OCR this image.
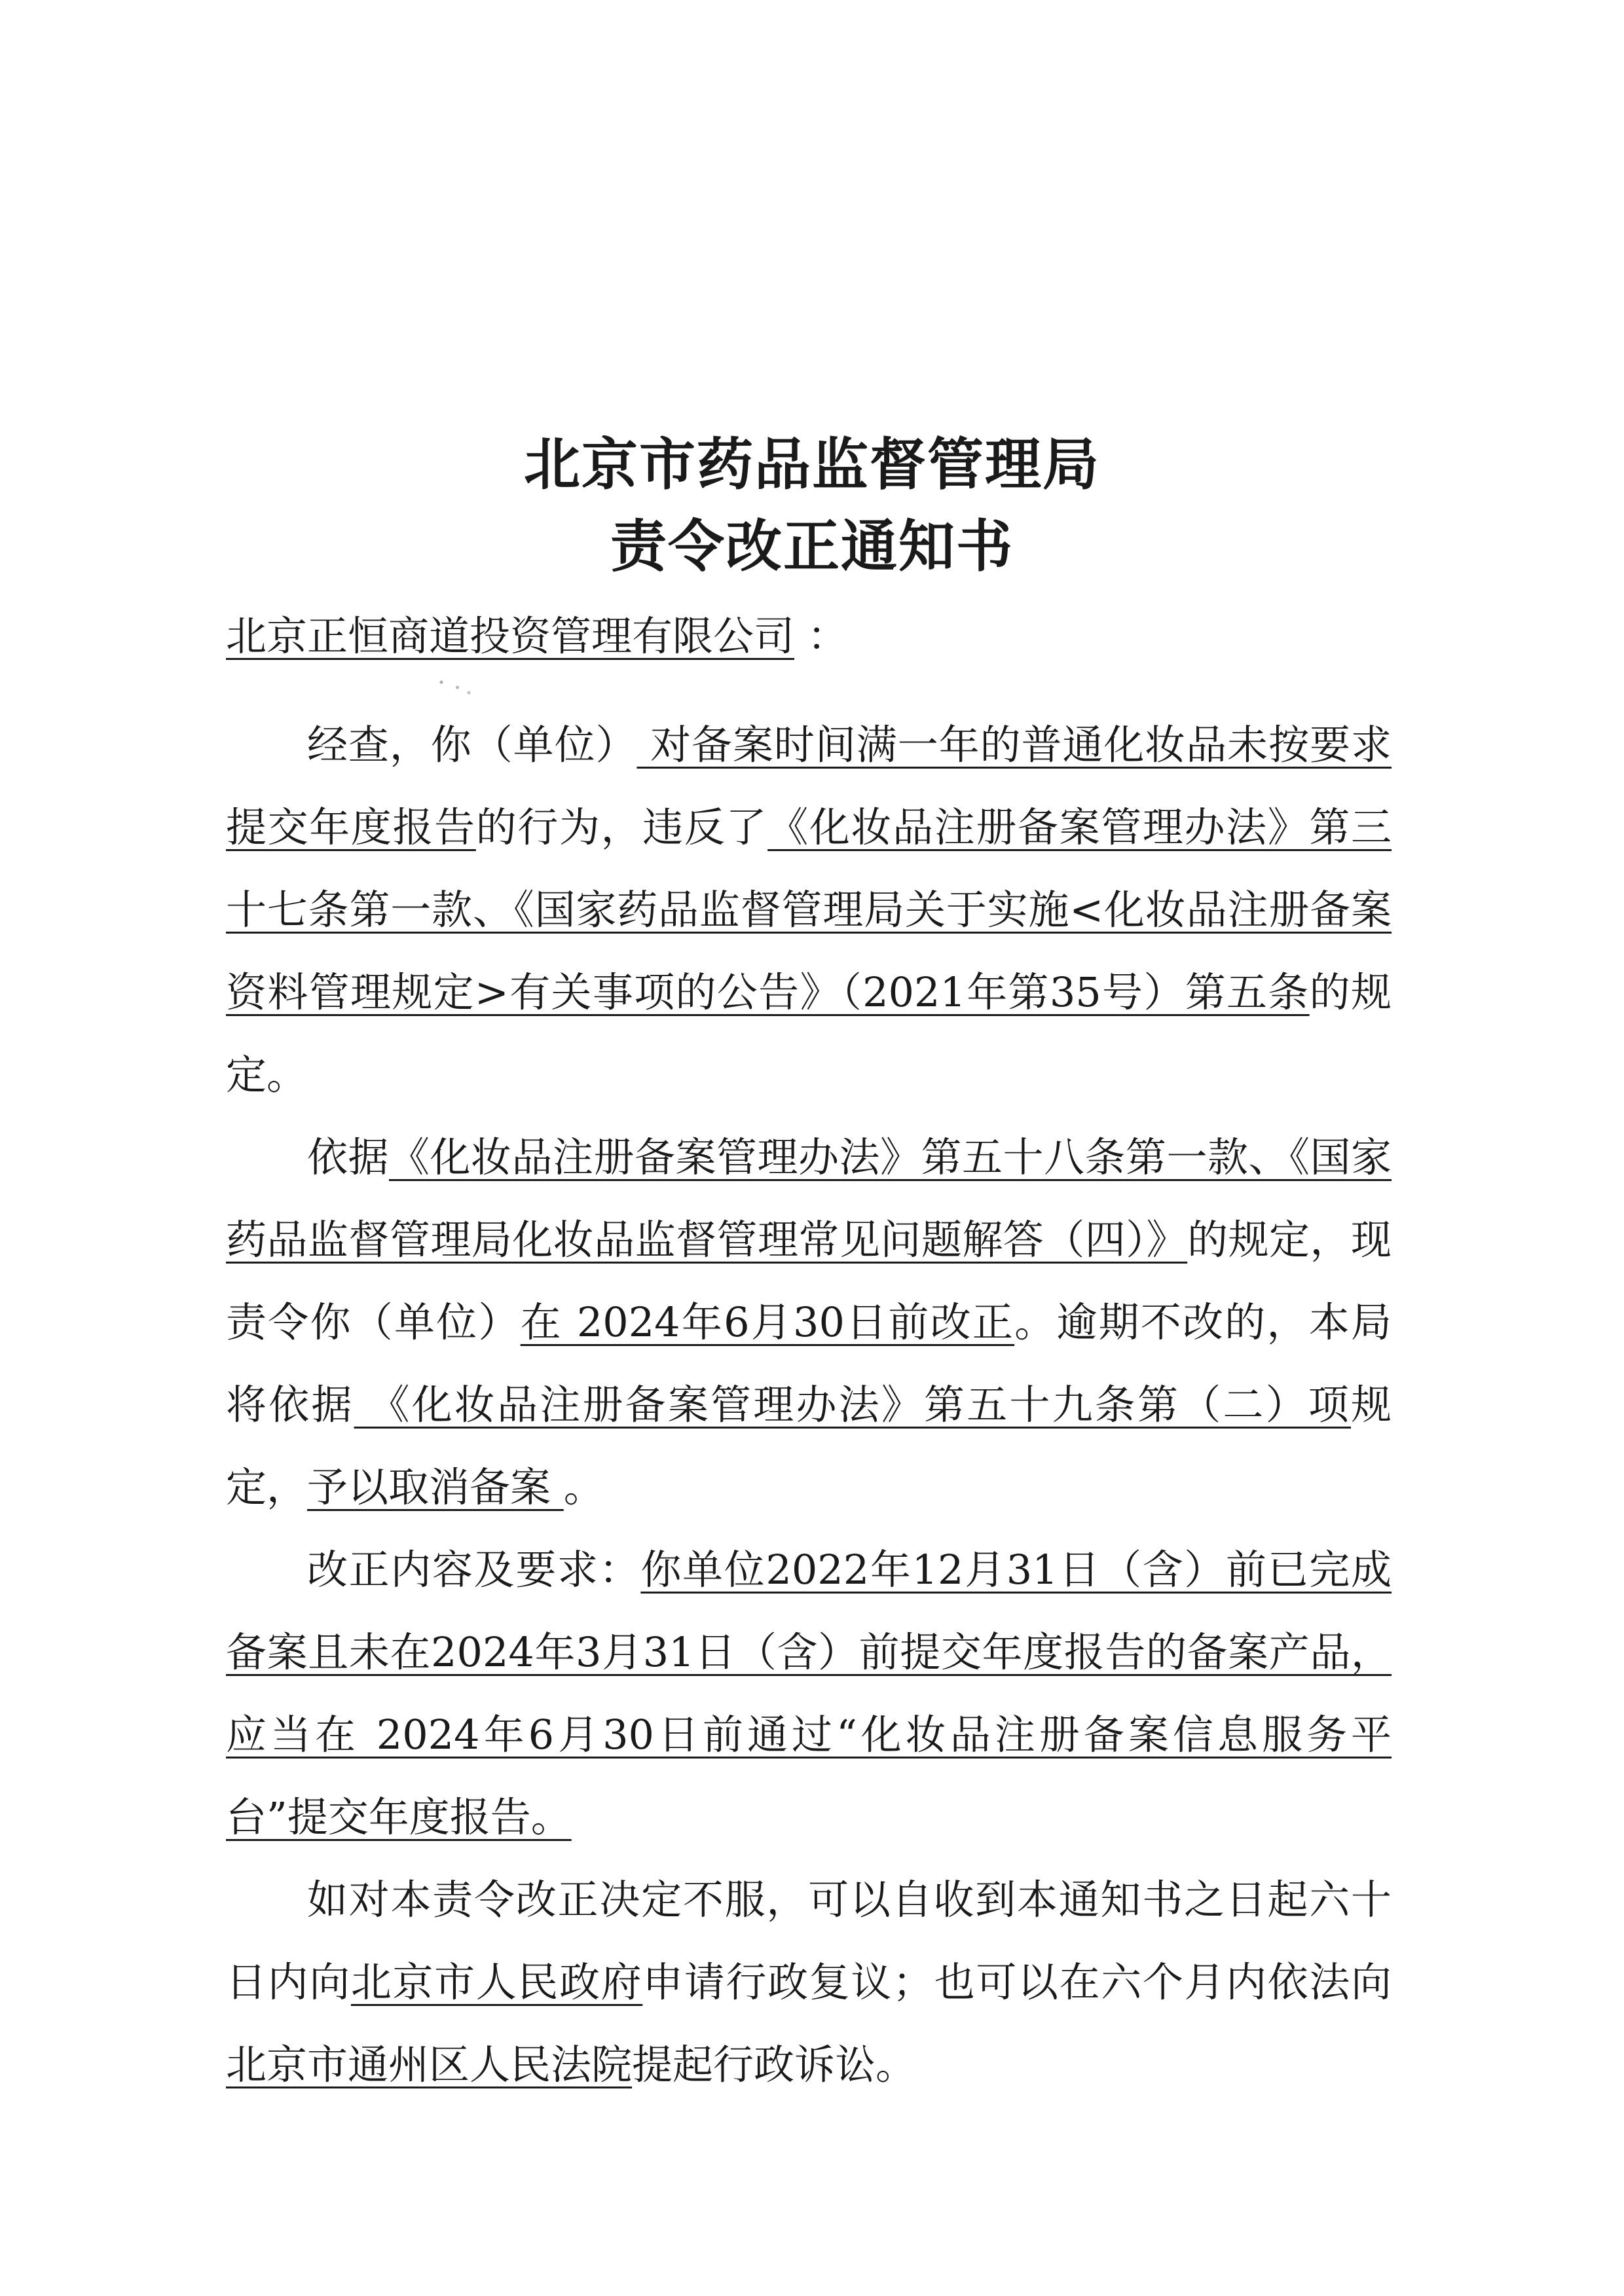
北京市药品监督管理局
责令改正通知书
北京正恒商道投资管理有限公司 ：

经查，你（单位） 对备案时间满一年的普通化妆品未按要求提交年度报告的行为，违反了《化妆品注册备案管理办法》第三十七条第一款、《国家药品监督管理局关于实施<化妆品注册备案资料管理规定>有关事项的公告》（2021年第35号）第五条的规定。

依据《化妆品注册备案管理办法》第五十八条第一款、《国家药品监督管理局化妆品监督管理常见问题解答（四）》的规定，现责令你（单位）在 2024年6月30日前改正。逾期不改的，本局将依据 《化妆品注册备案管理办法》第五十九条第（二）项规定，予以取消备案 。

改正内容及要求：你单位2022年12月31日（含）前已完成备案且未在2024年3月31日（含）前提交年度报告的备案产品，应当在 2024年6月30日前通过“化妆品注册备案信息服务平台”提交年度报告。

如对本责令改正决定不服，可以自收到本通知书之日起六十日内向北京市人民政府申请行政复议；也可以在六个月内依法向北京市通州区人民法院提起行政诉讼。
